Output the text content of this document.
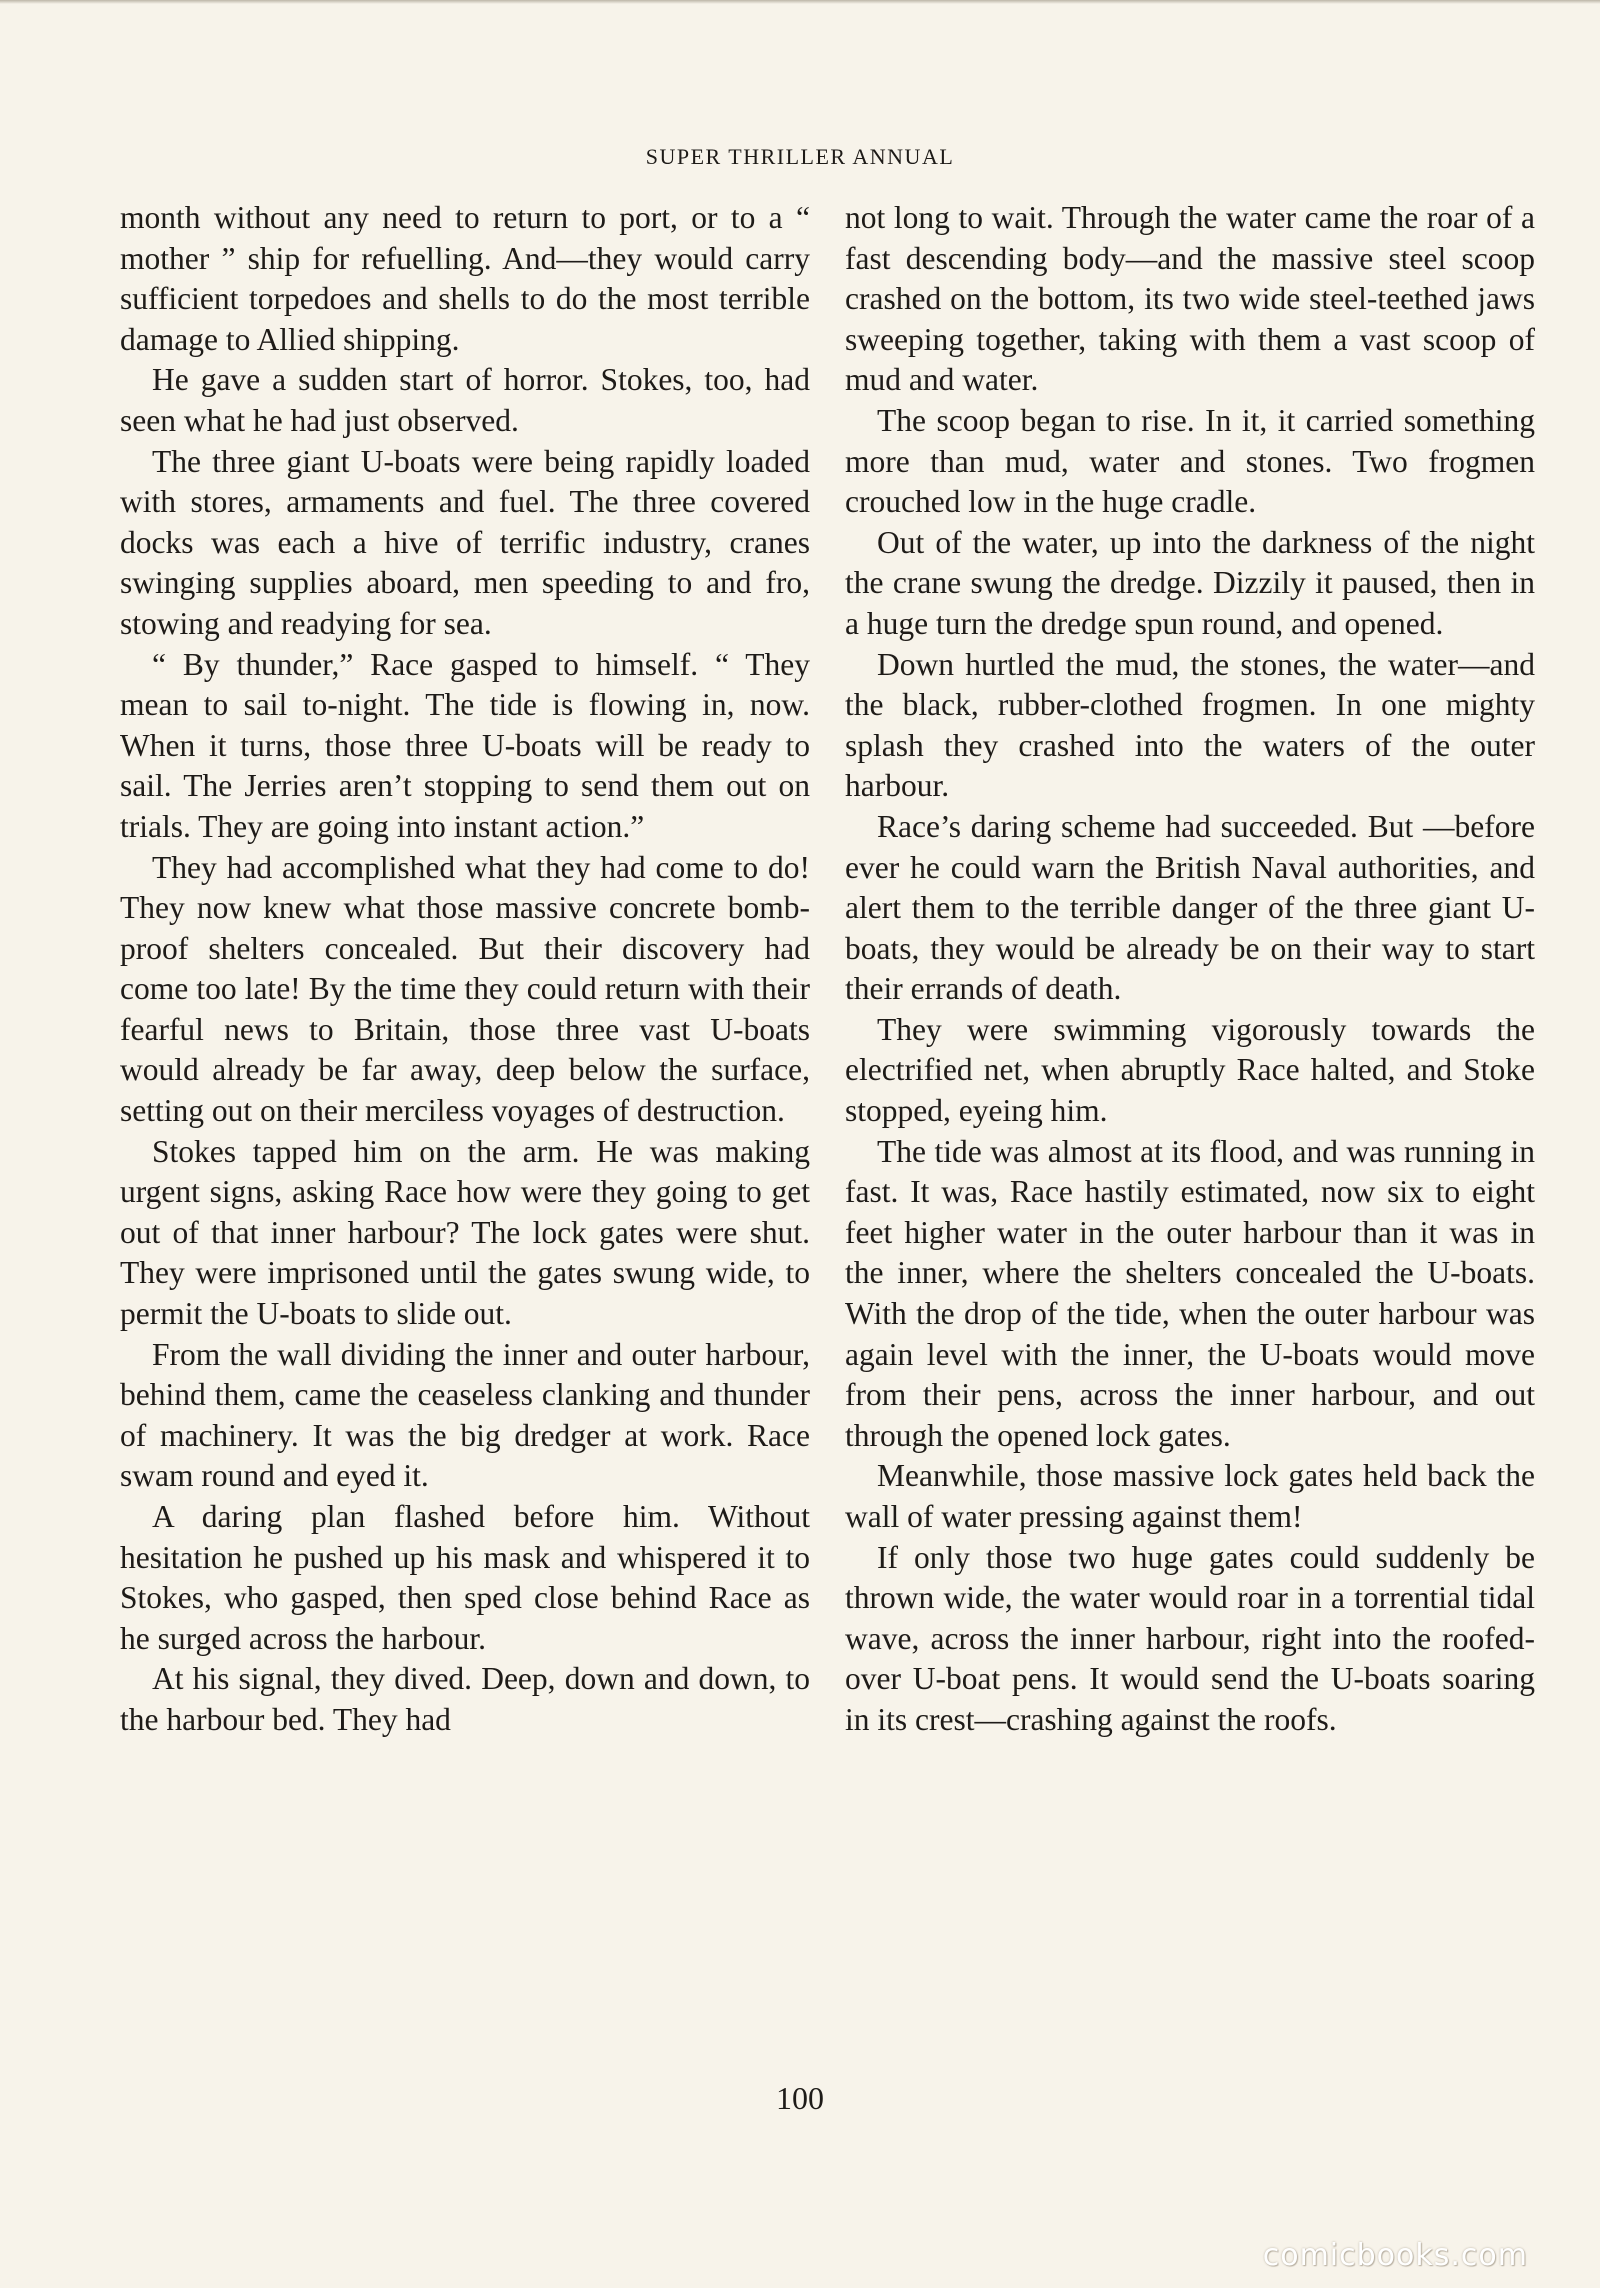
SUPER THRILLER ANNUAL

month without any need to return to port, or to a “ mother ” ship for refuelling. And—they would carry sufficient torpedoes and shells to do the most terrible damage to Allied shipping.

He gave a sudden start of horror. Stokes, too, had seen what he had just observed.

The three giant U-boats were being rapidly loaded with stores, armaments and fuel. The three covered docks was each a hive of terrific industry, cranes swinging supplies aboard, men speeding to and fro, stowing and readying for sea.

“ By thunder,” Race gasped to himself. “ They mean to sail to-night. The tide is flowing in, now. When it turns, those three U-boats will be ready to sail. The Jerries aren’t stopping to send them out on trials. They are going into instant action.”

They had accomplished what they had come to do! They now knew what those massive concrete bomb-proof shelters concealed. But their discovery had come too late! By the time they could return with their fearful news to Britain, those three vast U-boats would already be far away, deep below the surface, setting out on their merciless voyages of destruction.

Stokes tapped him on the arm. He was making urgent signs, asking Race how were they going to get out of that inner harbour? The lock gates were shut. They were imprisoned until the gates swung wide, to permit the U-boats to slide out.

From the wall dividing the inner and outer harbour, behind them, came the ceaseless clanking and thunder of machinery. It was the big dredger at work. Race swam round and eyed it.

A daring plan flashed before him. Without hesitation he pushed up his mask and whispered it to Stokes, who gasped, then sped close behind Race as he surged across the harbour.

At his signal, they dived. Deep, down and down, to the harbour bed. They had

not long to wait. Through the water came the roar of a fast descending body—and the massive steel scoop crashed on the bottom, its two wide steel-teethed jaws sweeping together, taking with them a vast scoop of mud and water.

The scoop began to rise. In it, it carried something more than mud, water and stones. Two frogmen crouched low in the huge cradle.

Out of the water, up into the darkness of the night the crane swung the dredge. Dizzily it paused, then in a huge turn the dredge spun round, and opened.

Down hurtled the mud, the stones, the water—and the black, rubber-clothed frogmen. In one mighty splash they crashed into the waters of the outer harbour.

Race’s daring scheme had succeeded. But —before ever he could warn the British Naval authorities, and alert them to the terrible danger of the three giant U-boats, they would be already be on their way to start their errands of death.

They were swimming vigorously towards the electrified net, when abruptly Race halted, and Stoke stopped, eyeing him.

The tide was almost at its flood, and was running in fast. It was, Race hastily estimated, now six to eight feet higher water in the outer harbour than it was in the inner, where the shelters concealed the U-boats. With the drop of the tide, when the outer harbour was again level with the inner, the U-boats would move from their pens, across the inner harbour, and out through the opened lock gates.

Meanwhile, those massive lock gates held back the wall of water pressing against them!

If only those two huge gates could suddenly be thrown wide, the water would roar in a torrential tidal wave, across the inner harbour, right into the roofed-over U-boat pens. It would send the U-boats soaring in its crest—crashing against the roofs.

100
comicbooks.com
